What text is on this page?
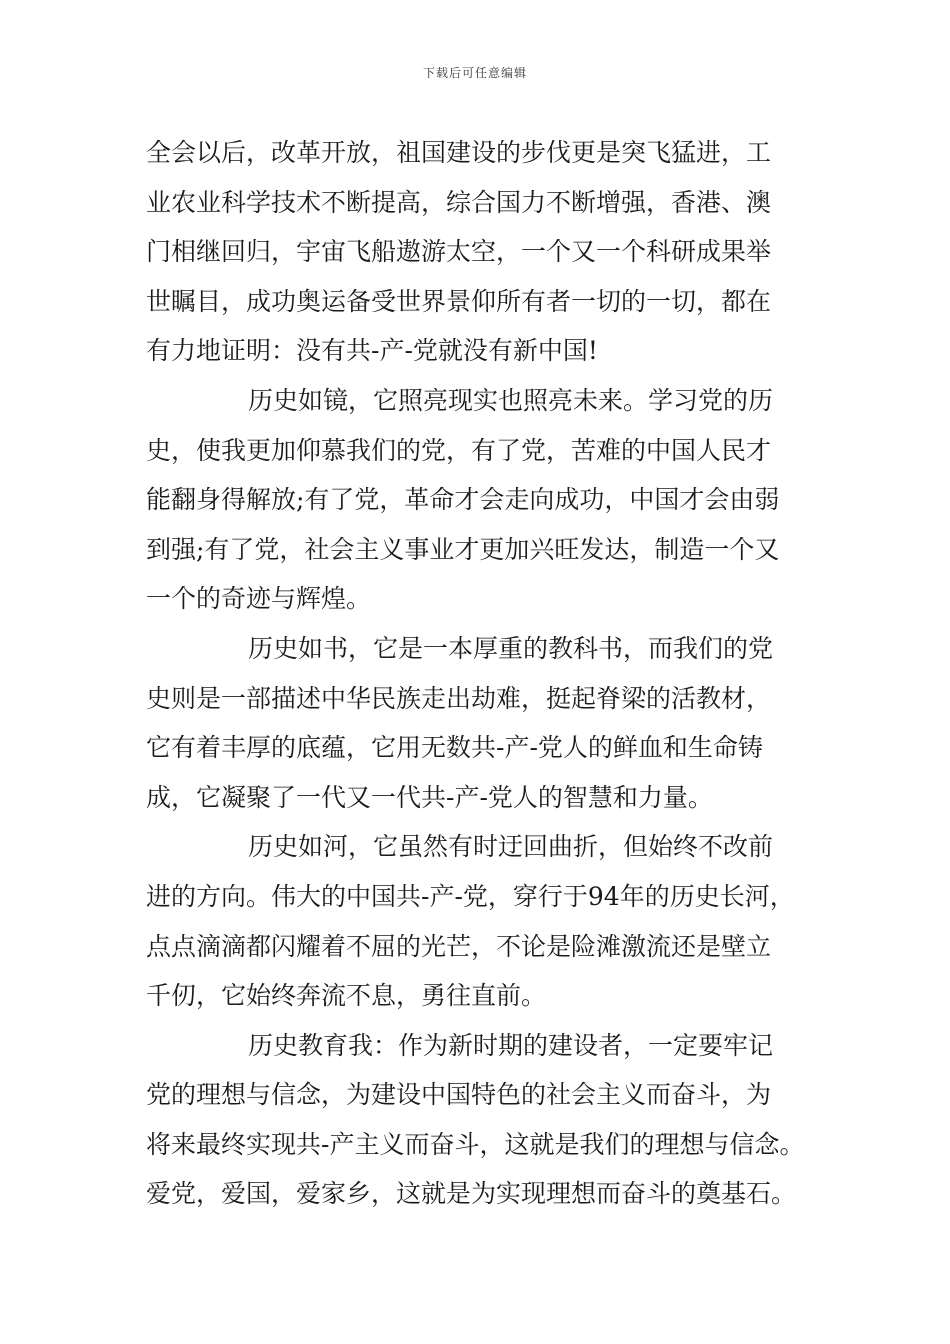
下载后可任意编辑
全会以后，改革开放，祖国建设的步伐更是突飞猛进，工
业农业科学技术不断提高，综合国力不断增强，香港、澳
门相继回归，宇宙飞船遨游太空，一个又一个科研成果举
世瞩目，成功奥运备受世界景仰所有者一切的一切，都在
有力地证明：没有共-产-党就没有新中国!
历史如镜，它照亮现实也照亮未来。学习党的历
史，使我更加仰慕我们的党，有了党，苦难的中国人民才
能翻身得解放;有了党，革命才会走向成功，中国才会由弱
到强;有了党，社会主义事业才更加兴旺发达，制造一个又
一个的奇迹与辉煌。
历史如书，它是一本厚重的教科书，而我们的党
史则是一部描述中华民族走出劫难，挺起脊梁的活教材，
它有着丰厚的底蕴，它用无数共-产-党人的鲜血和生命铸
成，它凝聚了一代又一代共-产-党人的智慧和力量。
历史如河，它虽然有时迂回曲折，但始终不改前
进的方向。伟大的中国共-产-党，穿行于94年的历史长河，
点点滴滴都闪耀着不屈的光芒，不论是险滩激流还是壁立
千仞，它始终奔流不息，勇往直前。
历史教育我：作为新时期的建设者，一定要牢记
党的理想与信念，为建设中国特色的社会主义而奋斗，为
将来最终实现共-产主义而奋斗，这就是我们的理想与信念。
爱党，爱国，爱家乡，这就是为实现理想而奋斗的奠基石。
